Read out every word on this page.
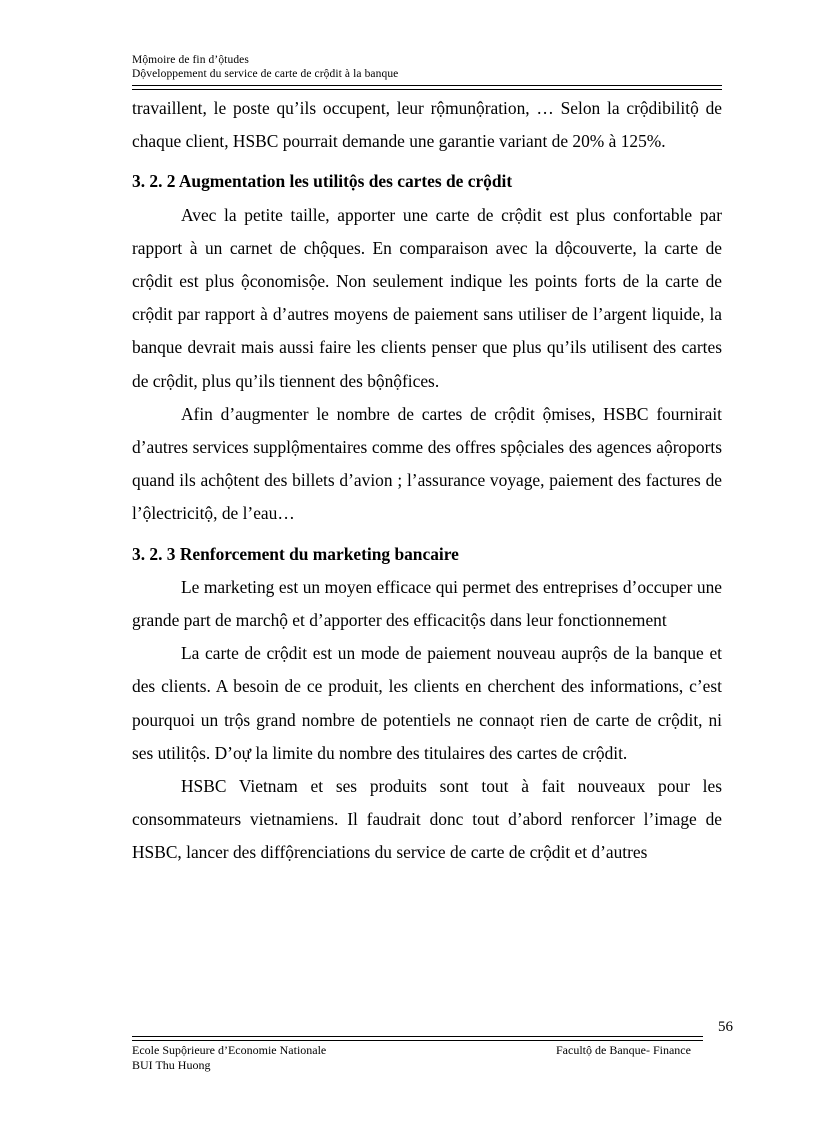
Mộmoire de fin d’ộtudes
Dộveloppement du service de carte de crộdit à la banque

travaillent, le poste qu’ils occupent, leur rộmunộration, … Selon la crộdibilitộ de chaque client, HSBC pourrait demande une garantie variant de 20% à 125%.

3. 2. 2 Augmentation les utilitộs des cartes de crộdit

Avec la petite taille, apporter une carte de crộdit est plus confortable par rapport à un carnet de chộques. En comparaison avec la dộcouverte, la carte de crộdit est plus ộconomisộe. Non seulement indique les points forts de la carte de crộdit par rapport à d’autres moyens de paiement sans utiliser de l’argent liquide, la banque devrait mais aussi faire les clients penser que plus qu’ils utilisent des cartes de crộdit, plus qu’ils tiennent des bộnộfices.

Afin d’augmenter le nombre de cartes de crộdit ộmises, HSBC fournirait d’autres services supplộmentaires comme des offres spộciales des agences aộroports quand ils achộtent des billets d’avion ; l’assurance voyage, paiement des factures de l’ộlectricitộ, de l’eau…

3. 2. 3 Renforcement du marketing bancaire

Le marketing est un moyen efficace qui permet des entreprises d’occuper une grande part de marchộ et d’apporter des efficacitộs dans leur fonctionnement

La carte de crộdit est un mode de paiement nouveau auprộs de la banque et des clients. A besoin de ce produit, les clients en cherchent des informations, c’est pourquoi un trộs grand nombre de potentiels ne connaọt rien de carte de crộdit, ni ses utilitộs. D’oự la limite du nombre des titulaires des cartes de crộdit.

HSBC Vietnam et ses produits sont tout à fait nouveaux pour les consommateurs vietnamiens. Il faudrait donc tout d’abord renforcer l’image de HSBC, lancer des diffộrenciations du service de carte de crộdit et d’autres

56
Ecole Supộrieure d’Economie Nationale
BUI Thu Huong
Facultộ de Banque- Finance
